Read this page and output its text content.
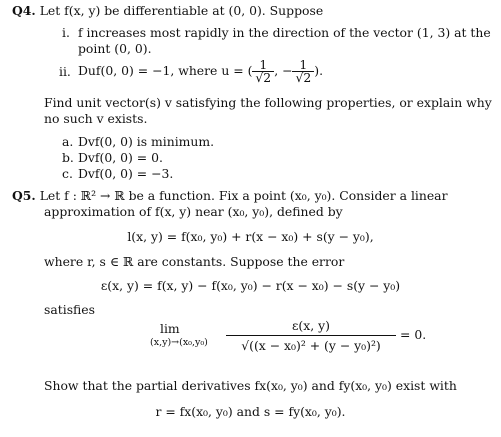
Q4. Let f(x, y) be differentiable at (0, 0). Suppose
i. f increases most rapidly in the direction of the vector (1, 3) at the
point (0, 0).
ii. Duf(0, 0) = −1, where u = ( $\frac{1}{√2}$ , − $\frac{1}{√2}$ ).
Find unit vector(s) v satisfying the following properties, or explain why
no such v exists.
a. Dvf(0, 0) is minimum.
b. Dvf(0, 0) = 0.
c. Dvf(0, 0) = −3.
Q5. Let f : ℝ² → ℝ be a function. Fix a point (x₀, y₀). Consider a linear
approximation of f(x, y) near (x₀, y₀), defined by
l(x, y) = f(x₀, y₀) + r(x − x₀) + s(y − y₀),
where r, s ∈ ℝ are constants. Suppose the error
ε(x, y) = f(x, y) − f(x₀, y₀) − r(x − x₀) − s(y − y₀)
satisfies
lim
$(x,y)\to(x_0,y_0) \frac{\varepsilon(x, y)}{\text{√((x − x₀)² + (y − y₀)²)}} = 0$.
Show that the partial derivatives fx(x₀, y₀) and fy(x₀, y₀) exist with
r = fx(x₀, y₀) and s = fy(x₀, y₀).
